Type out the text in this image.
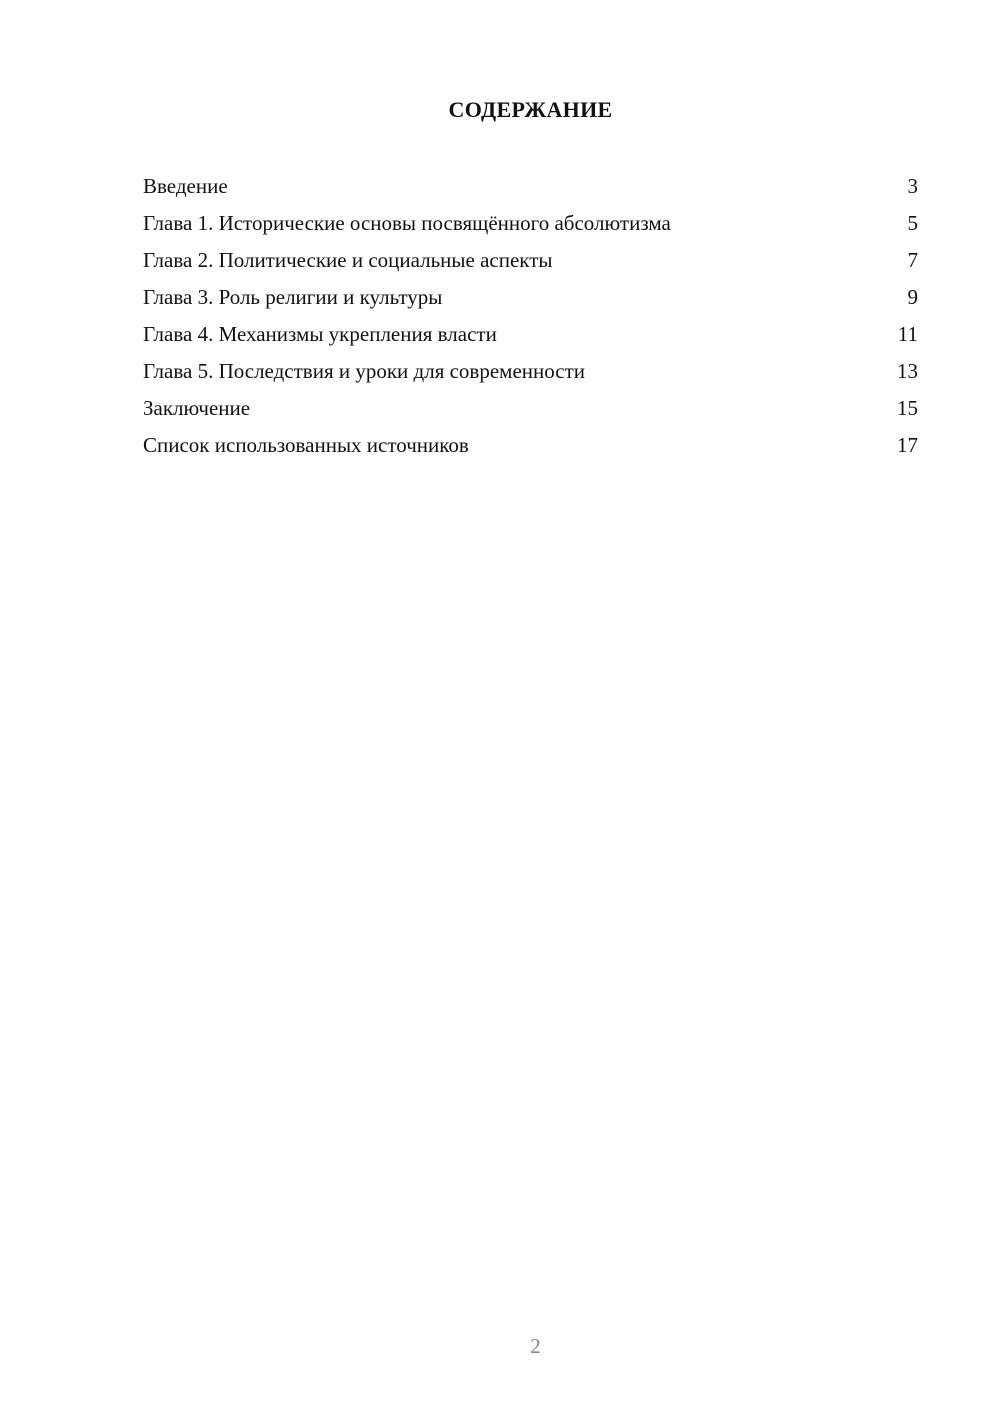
СОДЕРЖАНИЕ
Введение	3
Глава 1. Исторические основы посвящённого абсолютизма	5
Глава 2. Политические и социальные аспекты	7
Глава 3. Роль религии и культуры	9
Глава 4. Механизмы укрепления власти	11
Глава 5. Последствия и уроки для современности	13
Заключение	15
Список использованных источников	17
2
